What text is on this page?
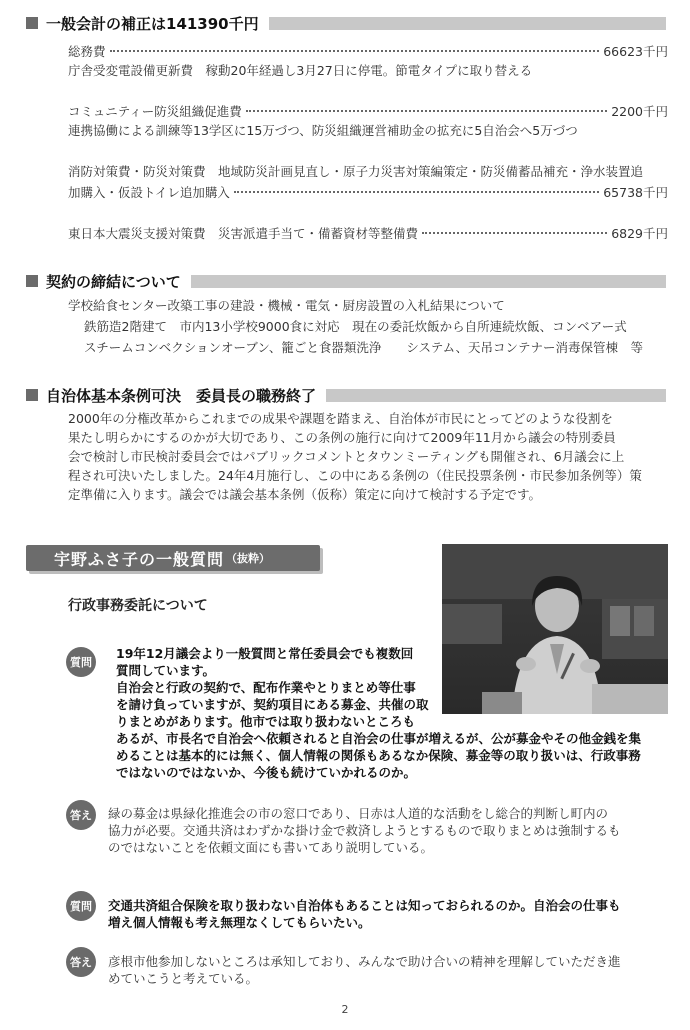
一般会計の補正は141390千円
総務費	66623千円
庁舎受変電設備更新費　稼動20年経過し3月27日に停電。節電タイプに取り替える
コミュニティー防災組織促進費	2200千円
連携協働による訓練等13学区に15万づつ、防災組織運営補助金の拡充に5自治会へ5万づつ
消防対策費・防災対策費　地域防災計画見直し・原子力災害対策編策定・防災備蓄品補充・浄水装置追
加購入・仮設トイレ追加購入	65738千円
東日本大震災支援対策費　災害派遣手当て・備蓄資材等整備費	6829千円
契約の締結について
学校給食センター改築工事の建設・機械・電気・厨房設置の入札結果について
鉄筋造2階建て　市内13小学校9000食に対応　現在の委託炊飯から自所連続炊飯、コンベアー式
スチームコンベクションオーブン、籠ごと食器類洗浄　　システム、天吊コンテナー消毒保管棟　等
自治体基本条例可決　委員長の職務終了
2000年の分権改革からこれまでの成果や課題を踏まえ、自治体が市民にとってどのような役割を
果たし明らかにするのかが大切であり、この条例の施行に向けて2009年11月から議会の特別委員
会で検討し市民検討委員会ではパブリックコメントとタウンミーティングも開催され、6月議会に上
程され可決いたしました。24年4月施行し、この中にある条例の（住民投票条例・市民参加条例等）策
定準備に入ります。議会では議会基本条例（仮称）策定に向けて検討する予定です。
宇野ふさ子の一般質問 （抜粋）
行政事務委託について
質問
19年12月議会より一般質問と常任委員会でも複数回
質問しています。
自治会と行政の契約で、配布作業やとりまとめ等仕事
を請け負っていますが、契約項目にある募金、共催の取
りまとめがあります。他市では取り扱わないところも
あるが、市長名で自治会へ依頼されると自治会の仕事が増えるが、公が募金やその他金銭を集
めることは基本的には無く、個人情報の関係もあるなか保険、募金等の取り扱いは、行政事務
ではないのではないか、今後も続けていかれるのか。
答え	緑の募金は県緑化推進会の市の窓口であり、日赤は人道的な活動をし総合的判断し町内の
協力が必要。交通共済はわずかな掛け金で救済しようとするもので取りまとめは強制するも
のではないことを依頼文面にも書いてあり説明している。
質問	交通共済組合保険を取り扱わない自治体もあることは知っておられるのか。自治会の仕事も
増え個人情報も考え無理なくしてもらいたい。
答え	彦根市他参加しないところは承知しており、みんなで助け合いの精神を理解していただき進
めていこうと考えている。
2
